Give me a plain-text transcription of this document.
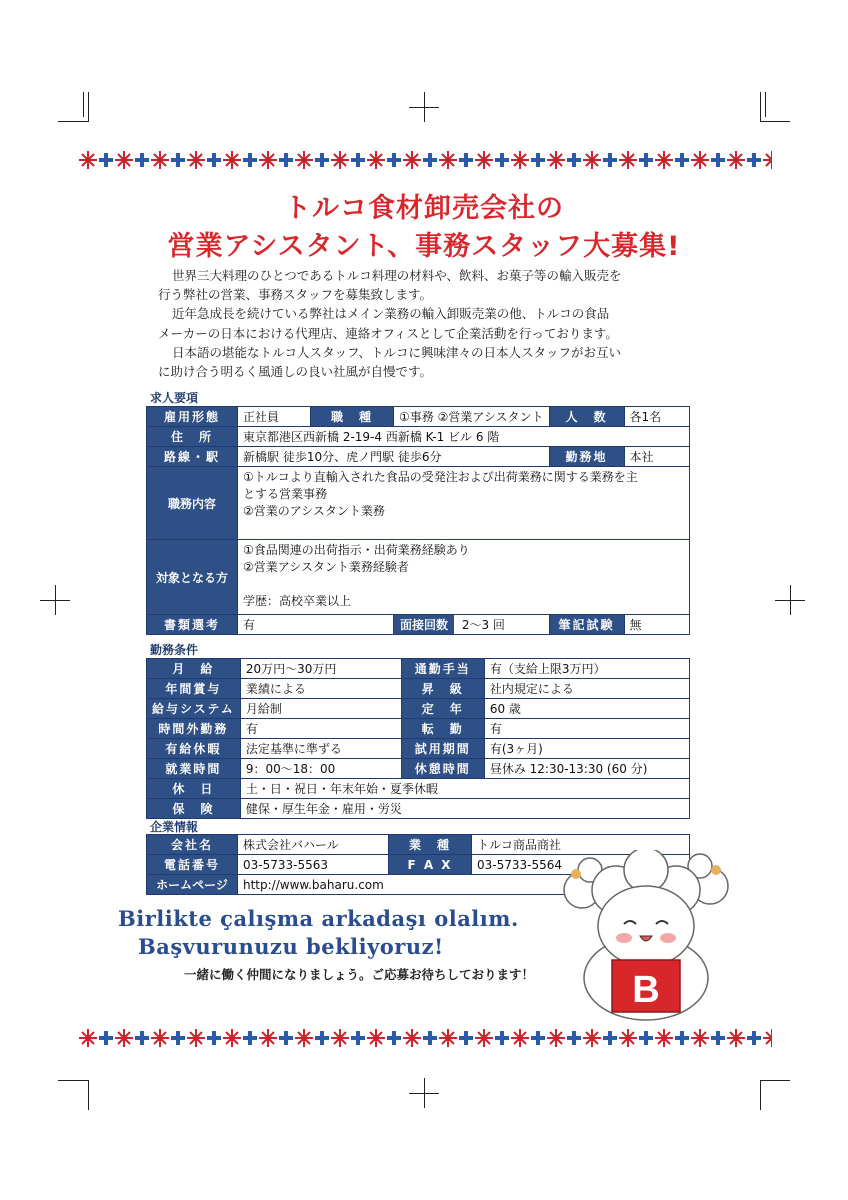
トルコ食材卸売会社の
営業アシスタント、事務スタッフ大募集!

世界三大料理のひとつであるトルコ料理の材料や、飲料、お菓子等の輸入販売を

行う弊社の営業、事務スタッフを募集致します。

近年急成長を続けている弊社はメイン業務の輸入卸販売業の他、トルコの食品

メーカーの日本における代理店、連絡オフィスとして企業活動を行っております。

日本語の堪能なトルコ人スタッフ、トルコに興味津々の日本人スタッフがお互い

に助け合う明るく風通しの良い社風が自慢です。

求人要項
雇用形態	正社員	職　種	①事務 ②営業アシスタント	人　数	各1名
住　所	東京都港区西新橋 2-19-4 西新橋 K-1 ビル 6 階				
路線・駅	新橋駅 徒歩10分、虎ノ門駅 徒歩6分			勤務地	本社
職務内容	①トルコより直輸入された食品の受発注および出荷業務に関する業務を主
とする営業事務
②営業のアシスタント業務				

対象となる方	①食品関連の出荷指示・出荷業務経験あり
②営業アシスタント業務経験者
学歴：高校卒業以上				

書類選考	有		面接回数 2〜3 回	筆記試験	無
勤務条件
月　給	20万円〜30万円	通勤手当	有（支給上限3万円）
年間賞与	業績による	昇　級	社内規定による
給与システム	月給制	定　年	60 歳
時間外勤務	有	転　勤	有
有給休暇	法定基準に準ずる	試用期間	有(3ヶ月)
就業時間	9：00〜18：00	休憩時間	昼休み 12:30-13:30 (60 分)
休　日	土・日・祝日・年末年始・夏季休暇		
保　険	健保・厚生年金・雇用・労災		
企業情報
会社名	株式会社バハール	業　種	トルコ商品商社
電話番号	03-5733-5563	F A X	03-5733-5564
ホームページ	http://www.baharu.com		
Birlikte çalışma arkadaşı olalım.
Başvurunuzu bekliyoruz!
一緒に働く仲間になりましょう。ご応募お待ちしております！	B
